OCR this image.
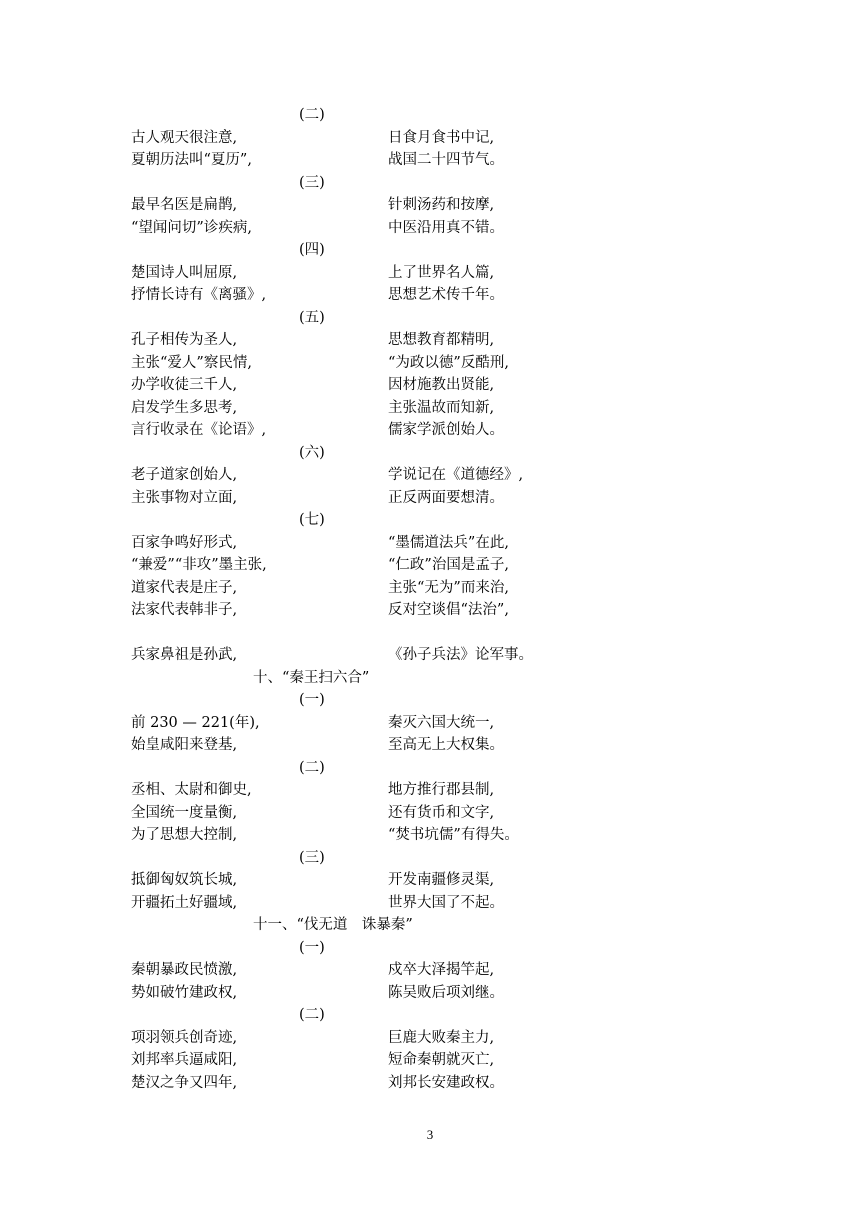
(二)
古人观天很注意,	日食月食书中记,
夏朝历法叫“夏历”,	战国二十四节气。
(三)
最早名医是扁鹊,	针刺汤药和按摩,
“望闻问切”诊疾病,	中医沿用真不错。
(四)
楚国诗人叫屈原,	上了世界名人篇,
抒情长诗有《离骚》,	思想艺术传千年。
(五)
孔子相传为圣人,	思想教育都精明,
主张“爱人”察民情,	“为政以德”反酷刑,
办学收徒三千人,	因材施教出贤能,
启发学生多思考,	主张温故而知新,
言行收录在《论语》,	儒家学派创始人。
(六)
老子道家创始人,	学说记在《道德经》,
主张事物对立面,	正反两面要想清。
(七)
百家争鸣好形式,	“墨儒道法兵”在此,
“兼爱”“非攻”墨主张,	“仁政”治国是孟子,
道家代表是庄子,	主张“无为”而来治,
法家代表韩非子,	反对空谈倡“法治”,
兵家鼻祖是孙武,	《孙子兵法》论军事。
十、“秦王扫六合”
(一)
前 230 — 221(年),	秦灭六国大统一,
始皇咸阳来登基,	至高无上大权集。
(二)
丞相、太尉和御史,	地方推行郡县制,
全国统一度量衡,	还有货币和文字,
为了思想大控制,	“焚书坑儒”有得失。
(三)
抵御匈奴筑长城,	开发南疆修灵渠,
开疆拓土好疆域,	世界大国了不起。
十一、“伐无道　诛暴秦”
(一)
秦朝暴政民愤激,	戍卒大泽揭竿起,
势如破竹建政权,	陈吴败后项刘继。
(二)
项羽领兵创奇迹,	巨鹿大败秦主力,
刘邦率兵逼咸阳,	短命秦朝就灭亡,
楚汉之争又四年,	刘邦长安建政权。
3
